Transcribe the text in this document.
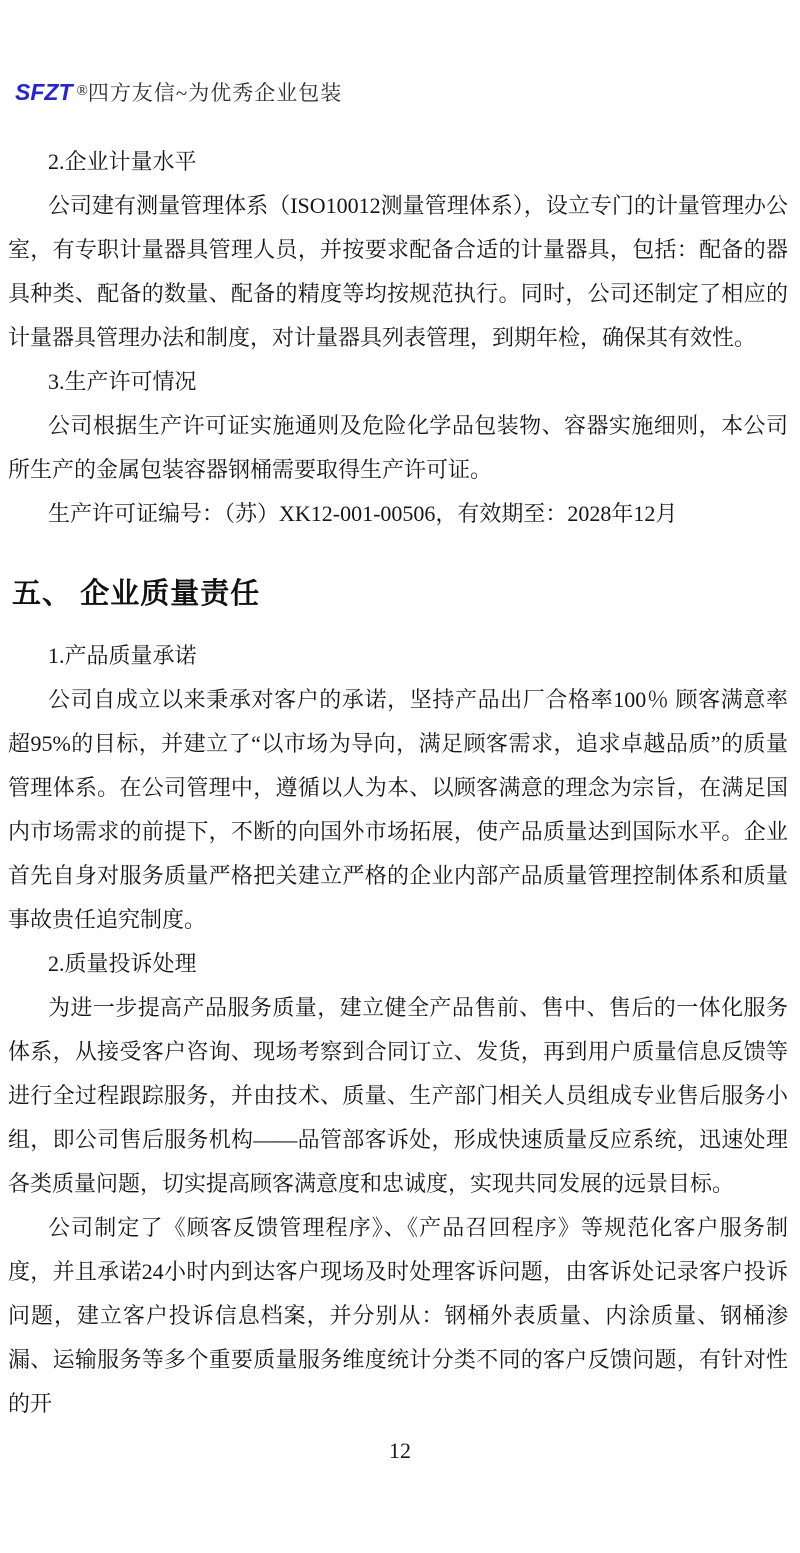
SFZT ®四方友信~为优秀企业包装

2.企业计量水平

公司建有测量管理体系（ISO10012测量管理体系），设立专门的计量管理办公室，有专职计量器具管理人员，并按要求配备合适的计量器具，包括：配备的器具种类、配备的数量、配备的精度等均按规范执行。同时，公司还制定了相应的计量器具管理办法和制度，对计量器具列表管理，到期年检，确保其有效性。

3.生产许可情况

公司根据生产许可证实施通则及危险化学品包装物、容器实施细则，本公司所生产的金属包装容器钢桶需要取得生产许可证。

生产许可证编号：（苏）XK12-001-00506，有效期至：2028年12月

五、 企业质量责任

1.产品质量承诺

公司自成立以来秉承对客户的承诺，坚持产品出厂合格率100％ 顾客满意率超95%的目标，并建立了“以市场为导向，满足顾客需求，追求卓越品质”的质量管理体系。在公司管理中，遵循以人为本、以顾客满意的理念为宗旨，在满足国内市场需求的前提下，不断的向国外市场拓展，使产品质量达到国际水平。企业首先自身对服务质量严格把关建立严格的企业内部产品质量管理控制体系和质量事故贵任追究制度。

2.质量投诉处理

为进一步提高产品服务质量，建立健全产品售前、售中、售后的一体化服务体系，从接受客户咨询、现场考察到合同订立、发货，再到用户质量信息反馈等进行全过程跟踪服务，并由技术、质量、生产部门相关人员组成专业售后服务小组，即公司售后服务机构——品管部客诉处，形成快速质量反应系统，迅速处理各类质量问题，切实提高顾客满意度和忠诚度，实现共同发展的远景目标。

公司制定了《顾客反馈管理程序》、《产品召回程序》等规范化客户服务制度，并且承诺24小时内到达客户现场及时处理客诉问题，由客诉处记录客户投诉问题，建立客户投诉信息档案，并分别从：钢桶外表质量、内涂质量、钢桶渗漏、运输服务等多个重要质量服务维度统计分类不同的客户反馈问题，有针对性的开

12
